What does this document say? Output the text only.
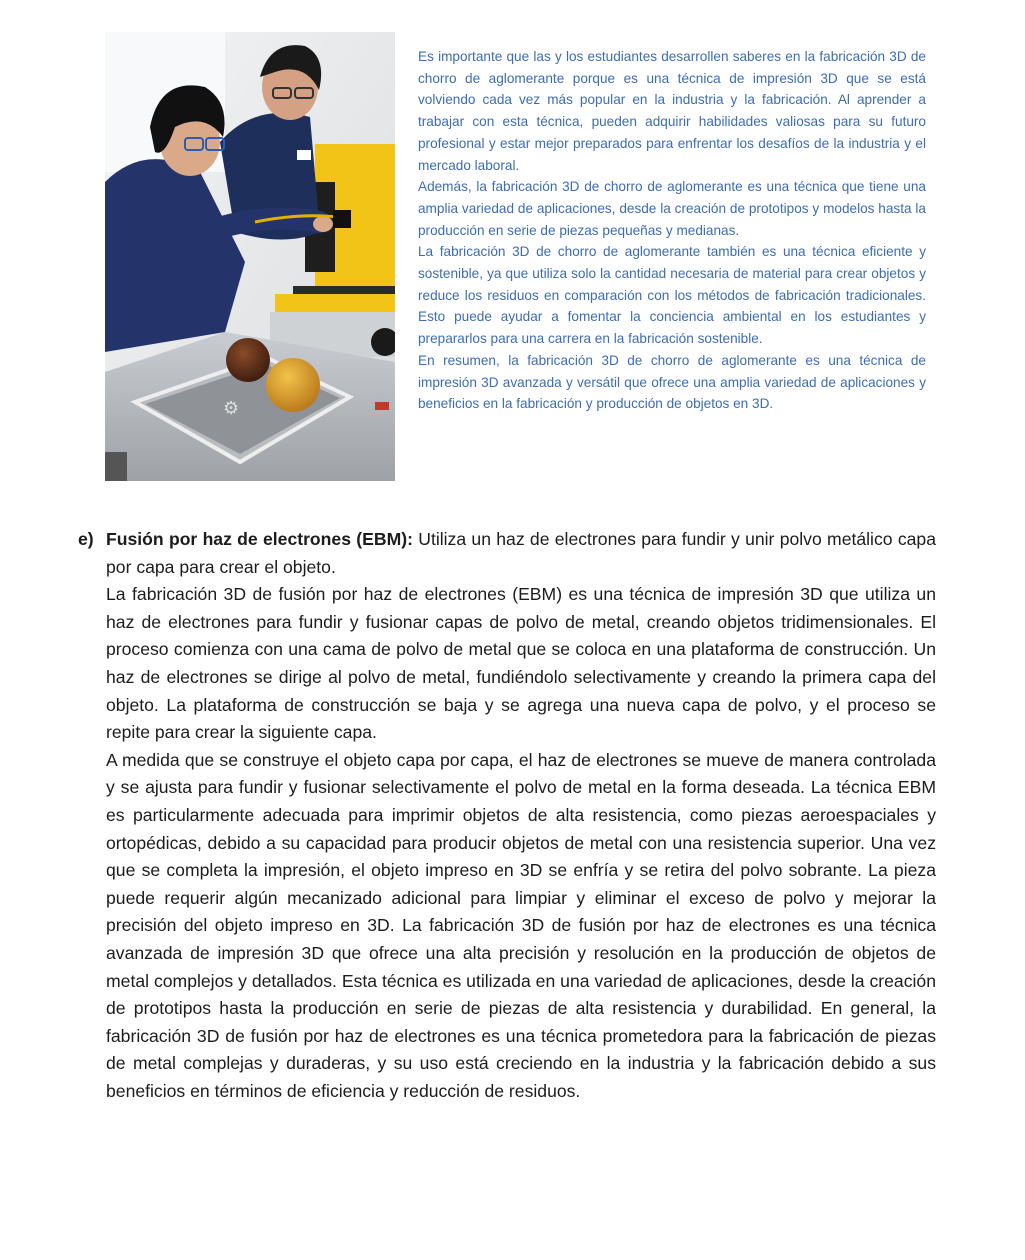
⚙

Es importante que las y los estudiantes desarrollen saberes en la fabricación 3D de chorro de aglomerante porque es una técnica de impresión 3D que se está volviendo cada vez más popular en la industria y la fabricación. Al aprender a trabajar con esta técnica, pueden adquirir habilidades valiosas para su futuro profesional y estar mejor preparados para enfrentar los desafíos de la industria y el mercado laboral.

Además, la fabricación 3D de chorro de aglomerante es una técnica que tiene una amplia variedad de aplicaciones, desde la creación de prototipos y modelos hasta la producción en serie de piezas pequeñas y medianas.

La fabricación 3D de chorro de aglomerante también es una técnica eficiente y sostenible, ya que utiliza solo la cantidad necesaria de material para crear objetos y reduce los residuos en comparación con los métodos de fabricación tradicionales. Esto puede ayudar a fomentar la conciencia ambiental en los estudiantes y prepararlos para una carrera en la fabricación sostenible.

En resumen, la fabricación 3D de chorro de aglomerante es una técnica de impresión 3D avanzada y versátil que ofrece una amplia variedad de aplicaciones y beneficios en la fabricación y producción de objetos en 3D.

e) Fusión por haz de electrones (EBM): Utiliza un haz de electrones para fundir y unir polvo metálico capa por capa para crear el objeto.

La fabricación 3D de fusión por haz de electrones (EBM) es una técnica de impresión 3D que utiliza un haz de electrones para fundir y fusionar capas de polvo de metal, creando objetos tridimensionales. El proceso comienza con una cama de polvo de metal que se coloca en una plataforma de construcción. Un haz de electrones se dirige al polvo de metal, fundiéndolo selectivamente y creando la primera capa del objeto. La plataforma de construcción se baja y se agrega una nueva capa de polvo, y el proceso se repite para crear la siguiente capa.

A medida que se construye el objeto capa por capa, el haz de electrones se mueve de manera controlada y se ajusta para fundir y fusionar selectivamente el polvo de metal en la forma deseada. La técnica EBM es particularmente adecuada para imprimir objetos de alta resistencia, como piezas aeroespaciales y ortopédicas, debido a su capacidad para producir objetos de metal con una resistencia superior. Una vez que se completa la impresión, el objeto impreso en 3D se enfría y se retira del polvo sobrante. La pieza puede requerir algún mecanizado adicional para limpiar y eliminar el exceso de polvo y mejorar la precisión del objeto impreso en 3D. La fabricación 3D de fusión por haz de electrones es una técnica avanzada de impresión 3D que ofrece una alta precisión y resolución en la producción de objetos de metal complejos y detallados. Esta técnica es utilizada en una variedad de aplicaciones, desde la creación de prototipos hasta la producción en serie de piezas de alta resistencia y durabilidad. En general, la fabricación 3D de fusión por haz de electrones es una técnica prometedora para la fabricación de piezas de metal complejas y duraderas, y su uso está creciendo en la industria y la fabricación debido a sus beneficios en términos de eficiencia y reducción de residuos.
